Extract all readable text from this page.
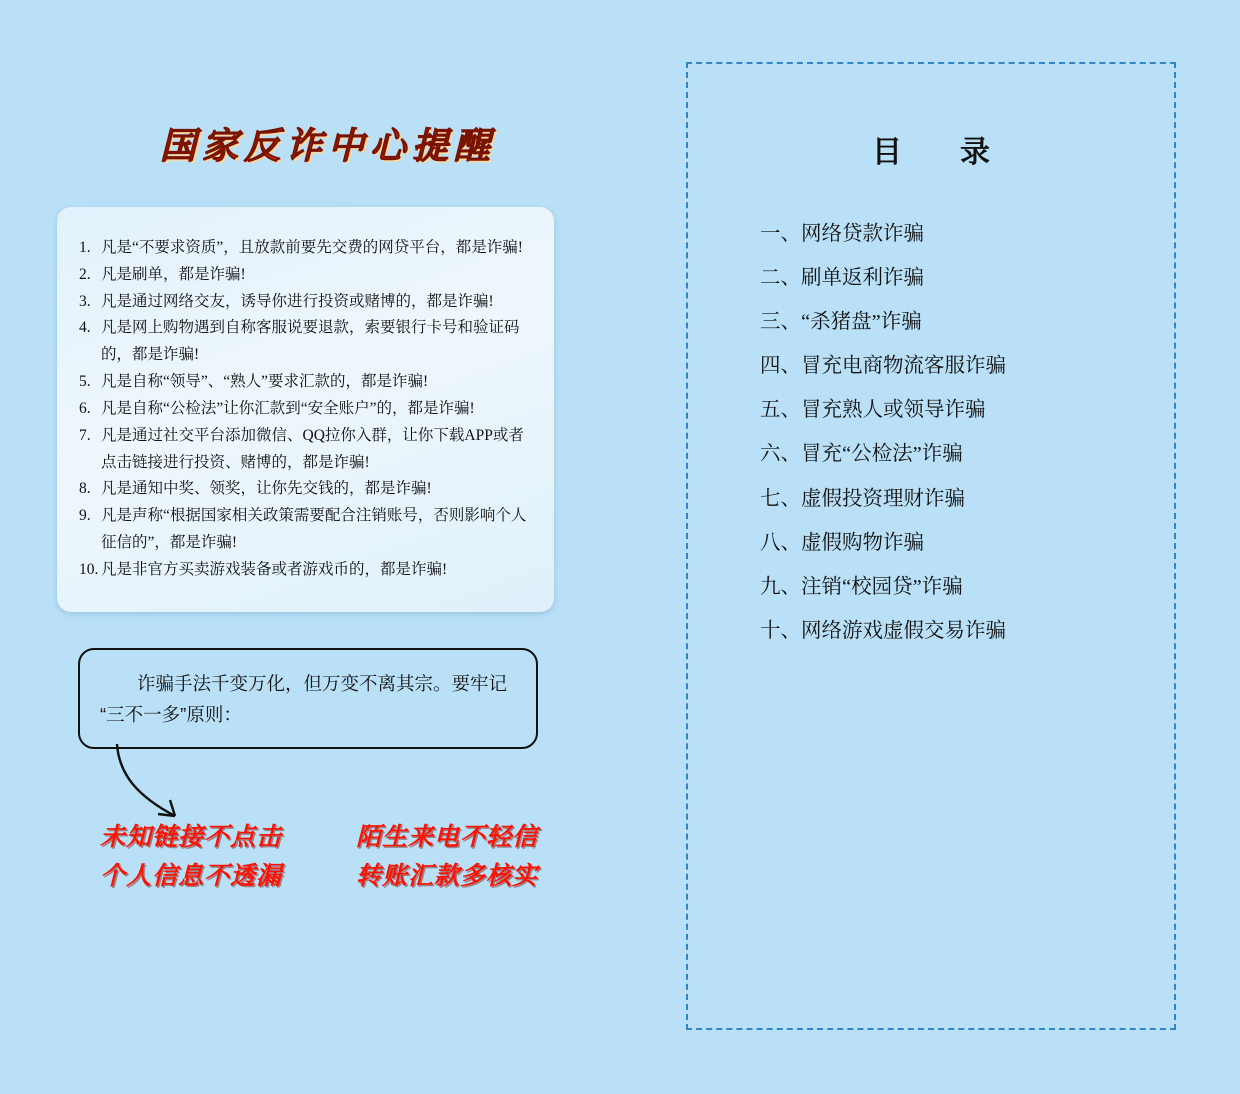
国家反诈中心提醒
1. 凡是“不要求资质”，且放款前要先交费的网贷平台，都是诈骗!
2. 凡是刷单，都是诈骗!
3. 凡是通过网络交友，诱导你进行投资或赌博的，都是诈骗!
4. 凡是网上购物遇到自称客服说要退款，索要银行卡号和验证码的，都是诈骗!
5. 凡是自称“领导”、“熟人”要求汇款的，都是诈骗!
6. 凡是自称“公检法”让你汇款到“安全账户”的，都是诈骗!
7. 凡是通过社交平台添加微信、QQ拉你入群，让你下载APP或者点击链接进行投资、赌博的，都是诈骗!
8. 凡是通知中奖、领奖，让你先交钱的，都是诈骗!
9. 凡是声称“根据国家相关政策需要配合注销账号，否则影响个人征信的”，都是诈骗!
10. 凡是非官方买卖游戏装备或者游戏币的，都是诈骗!
诈骗手法千变万化，但万变不离其宗。要牢记“三不一多”原则：
未知链接不点击	陌生来电不轻信
个人信息不透漏	转账汇款多核实
目　录
一、网络贷款诈骗
二、刷单返利诈骗
三、“杀猪盘”诈骗
四、冒充电商物流客服诈骗
五、冒充熟人或领导诈骗
六、冒充“公检法”诈骗
七、虚假投资理财诈骗
八、虚假购物诈骗
九、注销“校园贷”诈骗
十、网络游戏虚假交易诈骗
